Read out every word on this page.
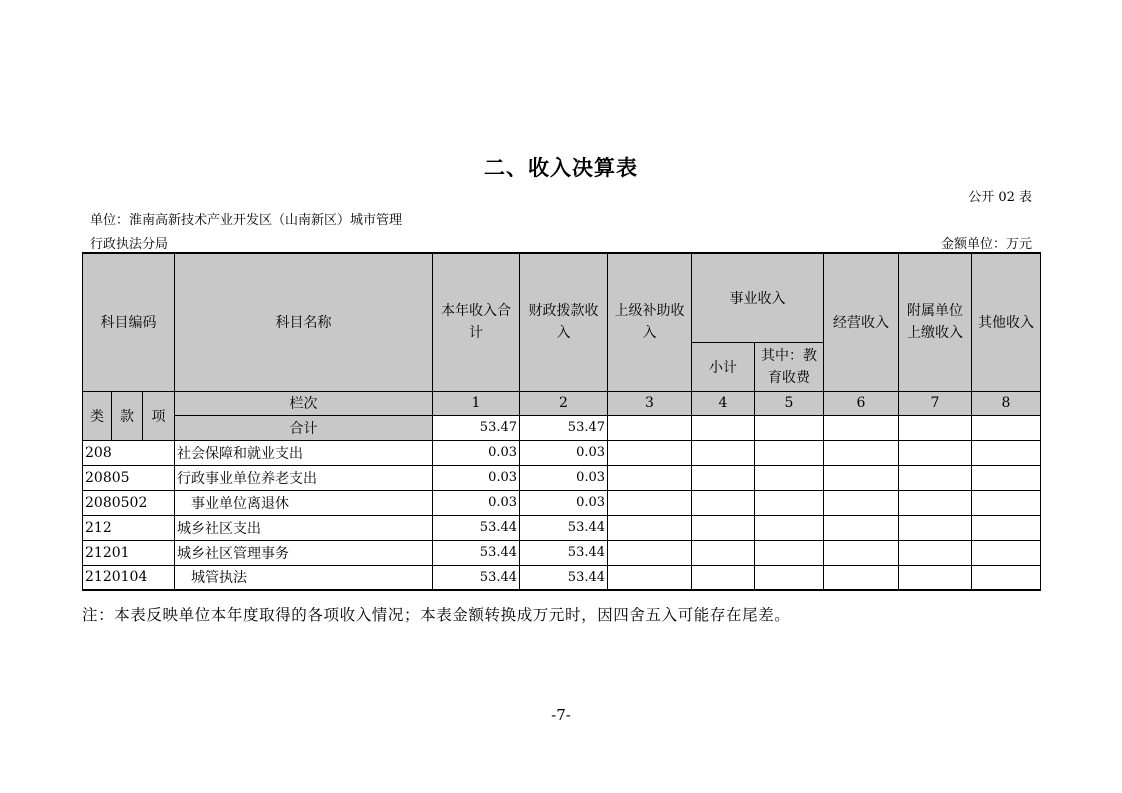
二、收入决算表
公开 02 表
单位：淮南高新技术产业开发区（山南新区）城市管理
行政执法分局	金额单位：万元
科目编码			科目名称	本年收入合计	财政拨款收入	上级补助收入	事业收入		经营收入	附属单位上缴收入	其他收入
							小计	其中：教育收费			
类	款	项	栏次	1	2	3	4	5	6	7	8
			合计	53.47	53.47						
208			社会保障和就业支出	0.03	0.03						
20805			行政事业单位养老支出	0.03	0.03						
2080502			事业单位离退休	0.03	0.03						
212			城乡社区支出	53.44	53.44						
21201			城乡社区管理事务	53.44	53.44						
2120104			城管执法	53.44	53.44						
注：本表反映单位本年度取得的各项收入情况；本表金额转换成万元时，因四舍五入可能存在尾差。
-7-
